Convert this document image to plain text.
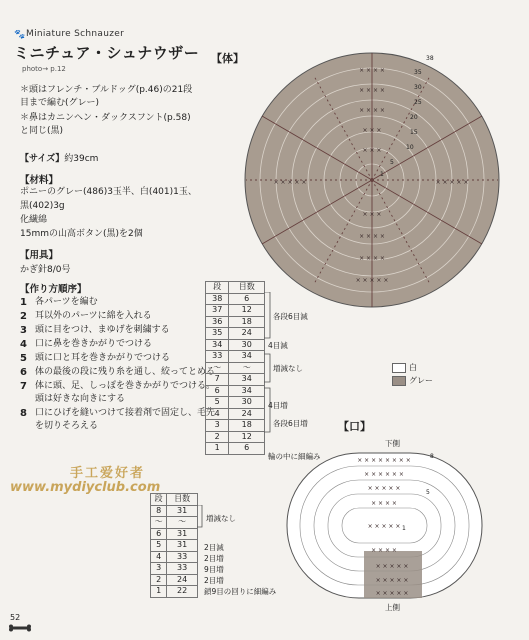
🐾 Miniature Schnauzer
ミニチュア・シュナウザー
photo→ p.12
＊頭はフレンチ・ブルドッグ(p.46)の21段目まで編む(グレー)
＊鼻はカニンヘン・ダックスフント(p.58)と同じ(黒)
【サイズ】約39cm
【材料】
ポニーのグレー(486)3玉半、白(401)1玉、黒(402)3g
化繊綿
15mmの山高ボタン(黒)を2個
【用具】
かぎ針8/0号
【作り方順序】
1 各パーツを編む
2 耳以外のパーツに綿を入れる
3 頭に目をつけ、まゆげを刺繍する
4 口に鼻を巻きかがりでつける
5 頭に口と耳を巻きかがりでつける
6 体の最後の段に残り糸を通し、絞ってとめる
7 体に頭、足、しっぽを巻きかがりでつける。頭は好きな向きにする
8 口にひげを縫いつけて接着剤で固定し、毛先を切りそろえる
手工爱好者
www.mydiyclub.com
【体】
× × × ×
× × × ×
× × × ×
× × ×
× × ×
× × × × ×	× × × × ×
× × ×
× × × ×
× × × ×
× × × × ×
38
35
30
25
20
15
10
5
1
段	目数
38	6
37	12
36	18
35	24
34	30
33	34
〜	〜
7	34
6	34
5	30
4	24
3	18
2	12
1	6
各段6目減
4目減
増減なし
4目増
各段6目増
輪の中に細編み
白
グレー
【口】
下側
上側
× × × × × × × ×
× × × × × ×
× × × × ×
× × × ×
× × × × ×
× × × ×
× × × × ×
× × × × ×
× × × × ×
8
5
1
段	目数
8	31
〜	〜
6	31
5	31
4	33
3	33
2	24
1	22
増減なし
2目減
2目増
9目増
2目増
鎖9目の回りに細編み
52
